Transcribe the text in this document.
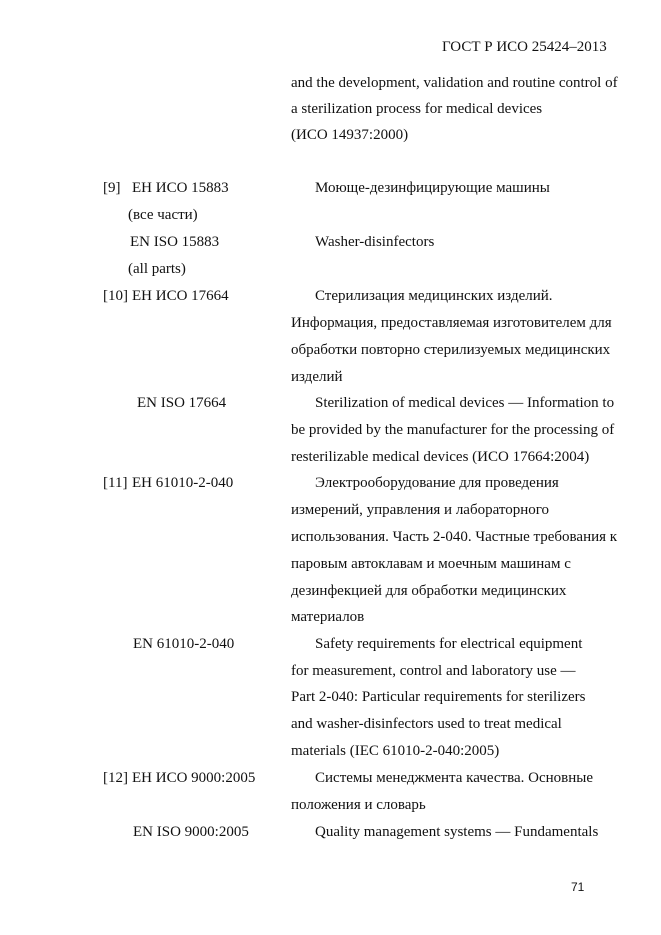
ГОСТ Р ИСО 25424–2013
and the development, validation and routine control of
a sterilization process for medical devices
(ИСО 14937:2000)
[9] ЕН ИСО 15883
(все части)
EN ISO 15883
(all parts)
Моюще-дезинфицирующие машины
Washer-disinfectors
[10] ЕН ИСО 17664
EN ISO 17664
Стерилизация медицинских изделий.
Информация, предоставляемая изготовителем для
обработки повторно стерилизуемых медицинских
изделий
Sterilization of medical devices — Information to
be provided by the manufacturer for the processing of
resterilizable medical devices (ИСО 17664:2004)
[11] ЕН 61010-2-040
EN 61010-2-040
Электрооборудование для проведения
измерений, управления и лабораторного
использования. Часть 2-040. Частные требования к
паровым автоклавам и моечным машинам с
дезинфекцией для обработки медицинских
материалов
Safety requirements for electrical equipment
for measurement, control and laboratory use —
Part 2-040: Particular requirements for sterilizers
and washer-disinfectors used to treat medical
materials (IEC 61010-2-040:2005)
[12] ЕН ИСО 9000:2005
EN ISO 9000:2005
Системы менеджмента качества. Основные
положения и словарь
Quality management systems — Fundamentals
71
